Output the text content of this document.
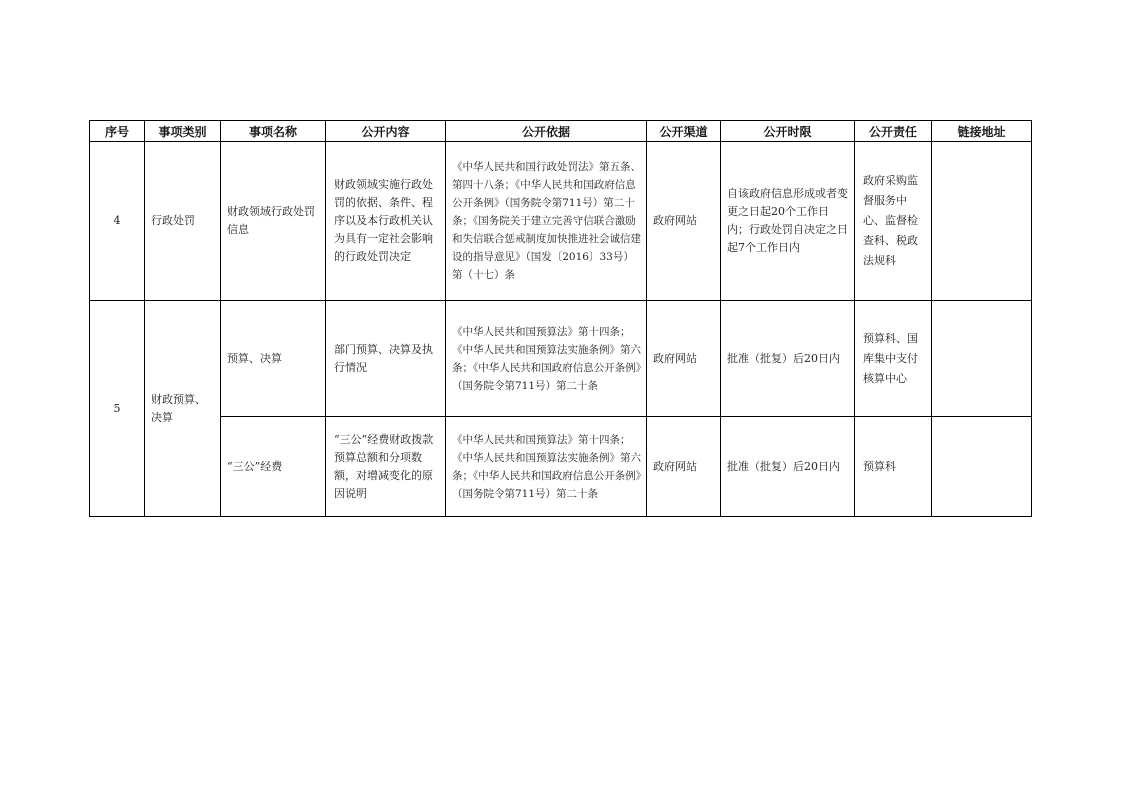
序号	事项类别	事项名称	公开内容	公开依据	公开渠道	公开时限	公开责任	链接地址
4	行政处罚	财政领域行政处罚信息	财政领域实施行政处罚的依据、条件、程序以及本行政机关认为具有一定社会影响的行政处罚决定	《中华人民共和国行政处罚法》第五条、第四十八条；《中华人民共和国政府信息公开条例》（国务院令第711号）第二十条；《国务院关于建立完善守信联合激励和失信联合惩戒制度加快推进社会诚信建设的指导意见》（国发〔2016〕33号）第（十七）条	政府网站	自该政府信息形成或者变更之日起20个工作日内；行政处罚自决定之日起7个工作日内	政府采购监督服务中心、监督检查科、税政法规科	
5	财政预算、决算	预算、决算	部门预算、决算及执行情况	《中华人民共和国预算法》第十四条；《中华人民共和国预算法实施条例》第六条；《中华人民共和国政府信息公开条例》（国务院令第711号）第二十条	政府网站	批准（批复）后20日内	预算科、国库集中支付核算中心	
		“三公”经费	“三公”经费财政拨款预算总额和分项数额，对增减变化的原因说明	《中华人民共和国预算法》第十四条；《中华人民共和国预算法实施条例》第六条；《中华人民共和国政府信息公开条例》（国务院令第711号）第二十条	政府网站	批准（批复）后20日内	预算科	
